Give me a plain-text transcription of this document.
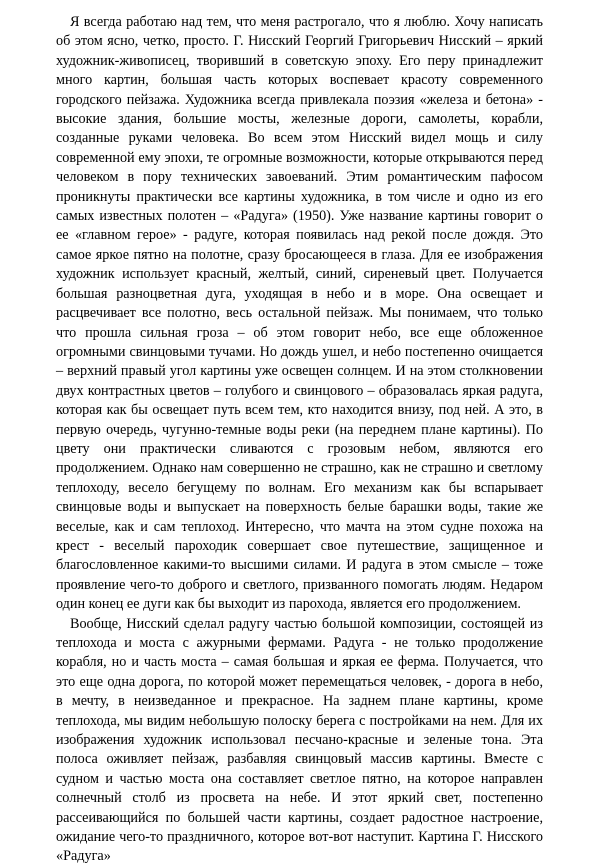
Я всегда работаю над тем, что меня растрогало, что я люблю. Хочу написать об этом ясно, четко, просто. Г. Нисский Георгий Григорьевич Нисский – яркий художник-живописец, творивший в советскую эпоху. Его перу принадлежит много картин, большая часть которых воспевает красоту современного городского пейзажа. Художника всегда привлекала поэзия «железа и бетона» - высокие здания, большие мосты, железные дороги, самолеты, корабли, созданные руками человека. Во всем этом Нисский видел мощь и силу современной ему эпохи, те огромные возможности, которые открываются перед человеком в пору технических завоеваний. Этим романтическим пафосом проникнуты практически все картины художника, в том числе и одно из его самых известных полотен – «Радуга» (1950). Уже название картины говорит о ее «главном герое» - радуге, которая появилась над рекой после дождя. Это самое яркое пятно на полотне, сразу бросающееся в глаза. Для ее изображения художник использует красный, желтый, синий, сиреневый цвет. Получается большая разноцветная дуга, уходящая в небо и в море. Она освещает и расцвечивает все полотно, весь остальной пейзаж. Мы понимаем, что только что прошла сильная гроза – об этом говорит небо, все еще обложенное огромными свинцовыми тучами. Но дождь ушел, и небо постепенно очищается – верхний правый угол картины уже освещен солнцем. И на этом столкновении двух контрастных цветов – голубого и свинцового – образовалась яркая радуга, которая как бы освещает путь всем тем, кто находится внизу, под ней. А это, в первую очередь, чугунно-темные воды реки (на переднем плане картины). По цвету они практически сливаются с грозовым небом, являются его продолжением. Однако нам совершенно не страшно, как не страшно и светлому теплоходу, весело бегущему по волнам. Его механизм как бы вспарывает свинцовые воды и выпускает на поверхность белые барашки воды, такие же веселые, как и сам теплоход. Интересно, что мачта на этом судне похожа на крест - веселый пароходик совершает свое путешествие, защищенное и благословленное какими-то высшими силами. И радуга в этом смысле – тоже проявление чего-то доброго и светлого, призванного помогать людям. Недаром один конец ее дуги как бы выходит из парохода, является его продолжением.

Вообще, Нисский сделал радугу частью большой композиции, состоящей из теплохода и моста с ажурными фермами. Радуга - не только продолжение корабля, но и часть моста – самая большая и яркая ее ферма. Получается, что это еще одна дорога, по которой может перемещаться человек, - дорога в небо, в мечту, в неизведанное и прекрасное. На заднем плане картины, кроме теплохода, мы видим небольшую полоску берега с постройками на нем. Для их изображения художник использовал песчано-красные и зеленые тона. Эта полоса оживляет пейзаж, разбавляя свинцовый массив картины. Вместе с судном и частью моста она составляет светлое пятно, на которое направлен солнечный столб из просвета на небе. И этот яркий свет, постепенно рассеивающийся по большей части картины, создает радостное настроение, ожидание чего-то праздничного, которое вот-вот наступит. Картина Г. Нисского «Радуга»
